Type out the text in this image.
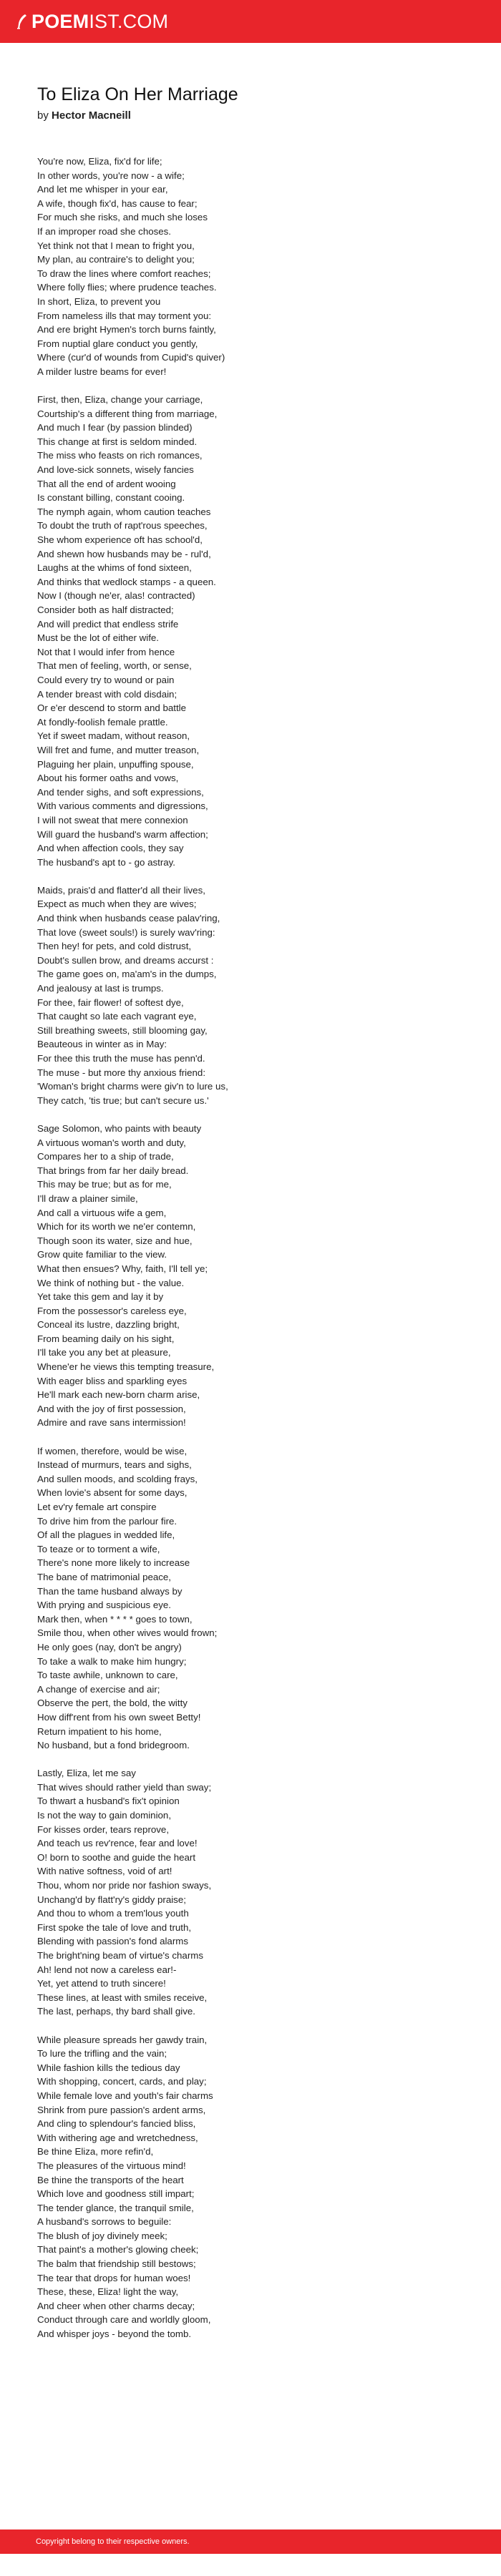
POEM IST.COM
To Eliza On Her Marriage
by Hector Macneill
You're now, Eliza, fix'd for life;
In other words, you're now - a wife;
And let me whisper in your ear,
A wife, though fix'd, has cause to fear;
For much she risks, and much she loses
If an improper road she choses.
Yet think not that I mean to fright you,
My plan, au contraire's to delight you;
To draw the lines where comfort reaches;
Where folly flies; where prudence teaches.
In short, Eliza, to prevent you
From nameless ills that may torment you:
And ere bright Hymen's torch burns faintly,
From nuptial glare conduct you gently,
Where (cur'd of wounds from Cupid's quiver)
A milder lustre beams for ever!
First, then, Eliza, change your carriage,
Courtship's a different thing from marriage,
And much I fear (by passion blinded)
This change at first is seldom minded.
The miss who feasts on rich romances,
And love-sick sonnets, wisely fancies
That all the end of ardent wooing
Is constant billing, constant cooing.
The nymph again, whom caution teaches
To doubt the truth of rapt'rous speeches,
She whom experience oft has school'd,
And shewn how husbands may be - rul'd,
Laughs at the whims of fond sixteen,
And thinks that wedlock stamps - a queen.
Now I (though ne'er, alas! contracted)
Consider both as half distracted;
And will predict that endless strife
Must be the lot of either wife.
Not that I would infer from hence
That men of feeling, worth, or sense,
Could every try to wound or pain
A tender breast with cold disdain;
Or e'er descend to storm and battle
At fondly-foolish female prattle.
Yet if sweet madam, without reason,
Will fret and fume, and mutter treason,
Plaguing her plain, unpuffing spouse,
About his former oaths and vows,
And tender sighs, and soft expressions,
With various comments and digressions,
I will not sweat that mere connexion
Will guard the husband's warm affection;
And when affection cools, they say
The husband's apt to - go astray.
Maids, prais'd and flatter'd all their lives,
Expect as much when they are wives;
And think when husbands cease palav'ring,
That love (sweet souls!) is surely wav'ring:
Then hey! for pets, and cold distrust,
Doubt's sullen brow, and dreams accurst :
The game goes on, ma'am's in the dumps,
And jealousy at last is trumps.
For thee, fair flower! of softest dye,
That caught so late each vagrant eye,
Still breathing sweets, still blooming gay,
Beauteous in winter as in May:
For thee this truth the muse has penn'd.
The muse - but more thy anxious friend:
'Woman's bright charms were giv'n to lure us,
They catch, 'tis true; but can't secure us.'
Sage Solomon, who paints with beauty
A virtuous woman's worth and duty,
Compares her to a ship of trade,
That brings from far her daily bread.
This may be true; but as for me,
I'll draw a plainer simile,
And call a virtuous wife a gem,
Which for its worth we ne'er contemn,
Though soon its water, size and hue,
Grow quite familiar to the view.
What then ensues? Why, faith, I'll tell ye;
We think of nothing but - the value.
Yet take this gem and lay it by
From the possessor's careless eye,
Conceal its lustre, dazzling bright,
From beaming daily on his sight,
I'll take you any bet at pleasure,
Whene'er he views this tempting treasure,
With eager bliss and sparkling eyes
He'll mark each new-born charm arise,
And with the joy of first possession,
Admire and rave sans intermission!
If women, therefore, would be wise,
Instead of murmurs, tears and sighs,
And sullen moods, and scolding frays,
When lovie's absent for some days,
Let ev'ry female art conspire
To drive him from the parlour fire.
Of all the plagues in wedded life,
To teaze or to torment a wife,
There's none more likely to increase
The bane of matrimonial peace,
Than the tame husband always by
With prying and suspicious eye.
Mark then, when * * * * goes to town,
Smile thou, when other wives would frown;
He only goes (nay, don't be angry)
To take a walk to make him hungry;
To taste awhile, unknown to care,
A change of exercise and air;
Observe the pert, the bold, the witty
How diff'rent from his own sweet Betty!
Return impatient to his home,
No husband, but a fond bridegroom.
Lastly, Eliza, let me say
That wives should rather yield than sway;
To thwart a husband's fix't opinion
Is not the way to gain dominion,
For kisses order, tears reprove,
And teach us rev'rence, fear and love!
O! born to soothe and guide the heart
With native softness, void of art!
Thou, whom nor pride nor fashion sways,
Unchang'd by flatt'ry's giddy praise;
And thou to whom a trem'lous youth
First spoke the tale of love and truth,
Blending with passion's fond alarms
The bright'ning beam of virtue's charms
Ah! lend not now a careless ear!-
Yet, yet attend to truth sincere!
These lines, at least with smiles receive,
The last, perhaps, thy bard shall give.
While pleasure spreads her gawdy train,
To lure the trifling and the vain;
While fashion kills the tedious day
With shopping, concert, cards, and play;
While female love and youth's fair charms
Shrink from pure passion's ardent arms,
And cling to splendour's fancied bliss,
With withering age and wretchedness,
Be thine Eliza, more refin'd,
The pleasures of the virtuous mind!
Be thine the transports of the heart
Which love and goodness still impart;
The tender glance, the tranquil smile,
A husband's sorrows to beguile:
The blush of joy divinely meek;
That paint's a mother's glowing cheek;
The balm that friendship still bestows;
The tear that drops for human woes!
These, these, Eliza! light the way,
And cheer when other charms decay;
Conduct through care and worldly gloom,
And whisper joys - beyond the tomb.
Copyright belong to their respective owners.
